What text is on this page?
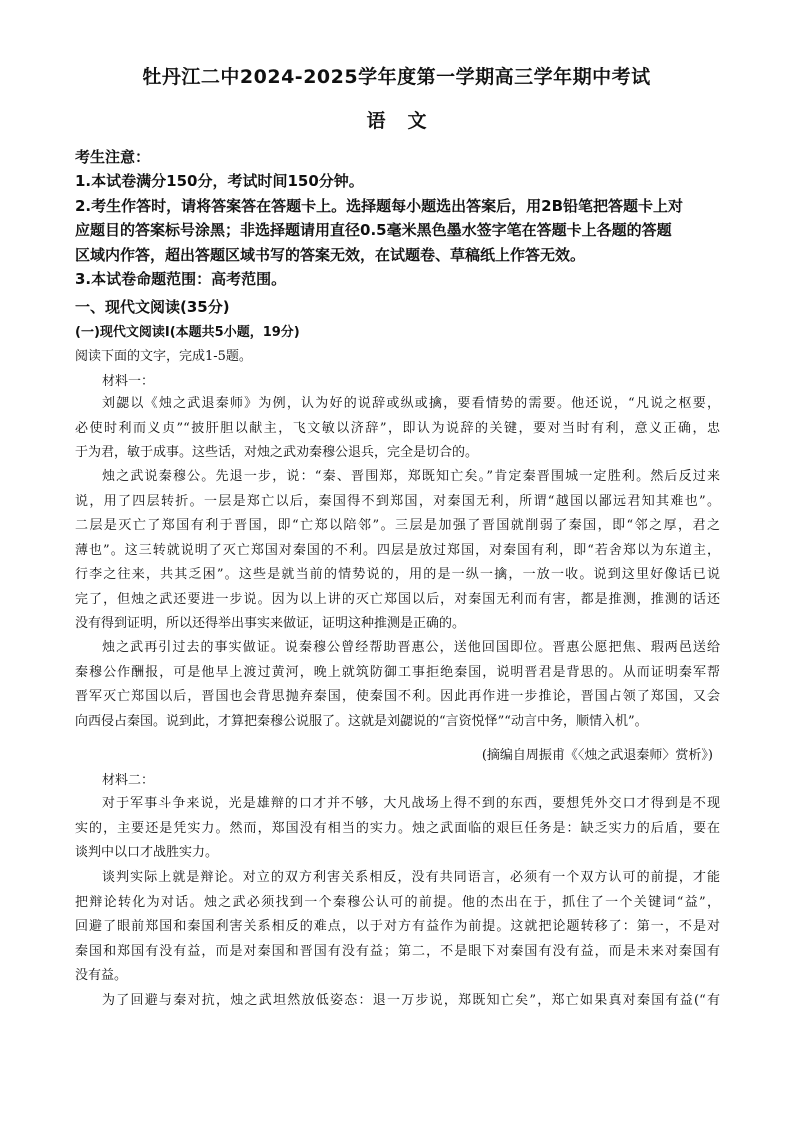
牡丹江二中2024-2025学年度第一学期高三学年期中考试
语文
考生注意：
1.本试卷满分150分，考试时间150分钟。
2.考生作答时，请将答案答在答题卡上。选择题每小题选出答案后，用2B铅笔把答题卡上对
应题目的答案标号涂黑；非选择题请用直径0.5毫米黑色墨水签字笔在答题卡上各题的答题
区域内作答，超出答题区域书写的答案无效，在试题卷、草稿纸上作答无效。
3.本试卷命题范围：高考范围。
一、现代文阅读(35分)
(一)现代文阅读Ⅰ(本题共5小题，19分)
阅读下面的文字，完成1-5题。
材料一：
刘勰以《烛之武退秦师》为例，认为好的说辞或纵或擒，要看情势的需要。他还说，“凡说之枢要，
必使时利而义贞”“披肝胆以献主，飞文敏以济辞”，即认为说辞的关键，要对当时有利，意义正确，忠
于为君，敏于成事。这些话，对烛之武劝秦穆公退兵，完全是切合的。
烛之武说秦穆公。先退一步，说：“秦、晋围郑，郑既知亡矣。”肯定秦晋围城一定胜利。然后反过来
说，用了四层转折。一层是郑亡以后，秦国得不到郑国，对秦国无利，所谓“越国以鄙远君知其难也”。
二层是灭亡了郑国有利于晋国，即“亡郑以陪邻”。三层是加强了晋国就削弱了秦国，即“邻之厚，君之
薄也”。这三转就说明了灭亡郑国对秦国的不利。四层是放过郑国，对秦国有利，即“若舍郑以为东道主，
行李之往来，共其乏困”。这些是就当前的情势说的，用的是一纵一擒，一放一收。说到这里好像话已说
完了，但烛之武还要进一步说。因为以上讲的灭亡郑国以后，对秦国无利而有害，都是推测，推测的话还
没有得到证明，所以还得举出事实来做证，证明这种推测是正确的。
烛之武再引过去的事实做证。说秦穆公曾经帮助晋惠公，送他回国即位。晋惠公愿把焦、瑕两邑送给
秦穆公作酬报，可是他早上渡过黄河，晚上就筑防御工事拒绝秦国，说明晋君是背思的。从而证明秦军帮
晋军灭亡郑国以后，晋国也会背思抛弃秦国，使秦国不利。因此再作进一步推论，晋国占领了郑国，又会
向西侵占秦国。说到此，才算把秦穆公说服了。这就是刘勰说的“言资悦怿”“动言中务，顺情入机”。
(摘编自周振甫《〈烛之武退秦师〉赏析》)
材料二：
对于军事斗争来说，光是雄辩的口才并不够，大凡战场上得不到的东西，要想凭外交口才得到是不现
实的，主要还是凭实力。然而，郑国没有相当的实力。烛之武面临的艰巨任务是：缺乏实力的后盾，要在
谈判中以口才战胜实力。
谈判实际上就是辩论。对立的双方利害关系相反，没有共同语言，必须有一个双方认可的前提，才能
把辩论转化为对话。烛之武必须找到一个秦穆公认可的前提。他的杰出在于，抓住了一个关键词“益”，
回避了眼前郑国和秦国利害关系相反的难点，以于对方有益作为前提。这就把论题转移了：第一，不是对
秦国和郑国有没有益，而是对秦国和晋国有没有益；第二，不是眼下对秦国有没有益，而是未来对秦国有
没有益。
为了回避与秦对抗，烛之武坦然放低姿态：退一万步说，郑既知亡矣”，郑亡如果真对秦国有益(“有
